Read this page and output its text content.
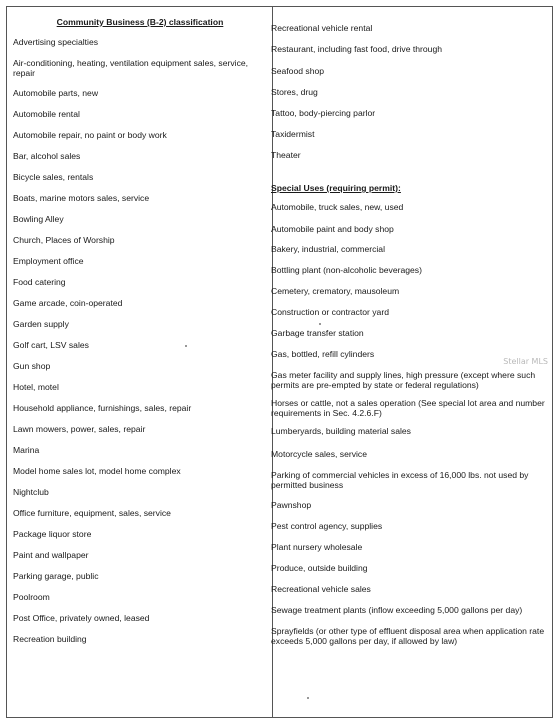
Community Business (B-2) classification
Advertising specialties
Air-conditioning, heating, ventilation equipment sales, service, repair
Automobile parts, new
Automobile rental
Automobile repair, no paint or body work
Bar, alcohol sales
Bicycle sales, rentals
Boats, marine motors sales, service
Bowling Alley
Church, Places of Worship
Employment office
Food catering
Game arcade, coin-operated
Garden supply
Golf cart, LSV sales
Gun shop
Hotel, motel
Household appliance, furnishings, sales, repair
Lawn mowers, power, sales, repair
Marina
Model home sales lot, model home complex
Nightclub
Office furniture, equipment, sales, service
Package liquor store
Paint and wallpaper
Parking garage, public
Poolroom
Post Office, privately owned, leased
Recreation building
Recreational vehicle rental
Restaurant, including fast food, drive through
Seafood shop
Stores, drug
Tattoo, body-piercing parlor
Taxidermist
Theater
Special Uses (requiring permit):
Automobile, truck sales, new, used
Automobile paint and body shop
Bakery, industrial, commercial
Bottling plant (non-alcoholic beverages)
Cemetery, crematory, mausoleum
Construction or contractor yard
Garbage transfer station
Gas, bottled, refill cylinders
Gas meter facility and supply lines, high pressure (except where such permits are pre-empted by state or federal regulations)
Horses or cattle, not a sales operation (See special lot area and number requirements in Sec. 4.2.6.F)
Lumberyards, building material sales
Motorcycle sales, service
Parking of commercial vehicles in excess of 16,000 lbs. not used by permitted business
Pawnshop
Pest control agency, supplies
Plant nursery wholesale
Produce, outside building
Recreational vehicle sales
Sewage treatment plants (inflow exceeding 5,000 gallons per day)
Sprayfields (or other type of effluent disposal area when application rate exceeds 5,000 gallons per day, if allowed by law)
Stellar MLS
